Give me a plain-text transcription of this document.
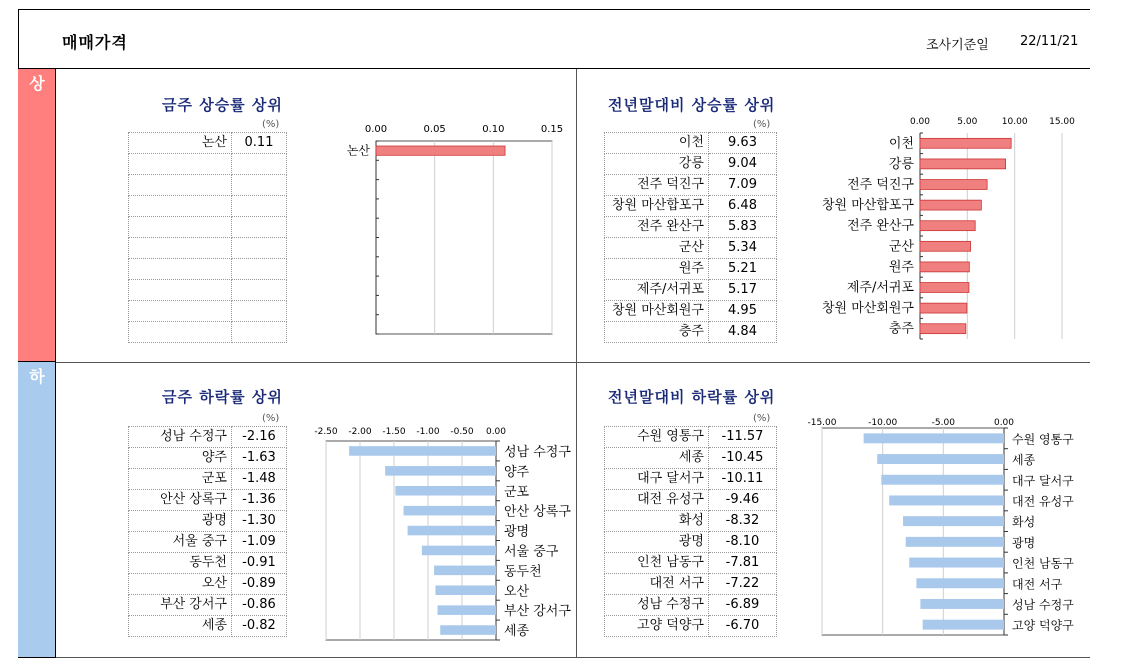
매매가격	조사기준일 22/11/21
상
하
금주 상승률 상위	전년말대비 상승률 상위
금주 하락률 상위	전년말대비 하락률 상위
(%)	(%)
(%)	(%)
논산	0.11

		이천	9.63
강릉	9.04
전주 덕진구	7.09
창원 마산합포구	6.48
전주 완산구	5.83
군산	5.34
원주	5.21
제주/서귀포	5.17
창원 마산회원구	4.95
충주	4.84
성남 수정구	-2.16
양주	-1.63
군포	-1.48
안산 상록구	-1.36
광명	-1.30
서울 중구	-1.09
동두천	-0.91
오산	-0.89
부산 강서구	-0.86
세종	-0.82
수원 영통구	-11.57
세종	-10.45
대구 달서구	-10.11
대전 유성구	-9.46
화성	-8.32
광명	-8.10
인천 남동구	-7.81
대전 서구	-7.22
성남 수정구	-6.89
고양 덕양구	-6.70
0.00	0.05	0.10	0.15
논산
0.00	5.00	10.00 15.00
이천
강릉
전주 덕진구
창원 마산합포구
전주 완산구
군산
원주
제주/서귀포
창원 마산회원구
충주
-2.50 -2.00 -1.50 -1.00 -0.50 0.00
성남 수정구
양주
군포
안산 상록구
광명
서울 중구
동두천
오산
부산 강서구
세종
-15.00	-10.00	-5.00	0.00
수원 영통구
세종
대구 달서구
대전 유성구
화성
광명
인천 남동구
대전 서구
성남 수정구
고양 덕양구
